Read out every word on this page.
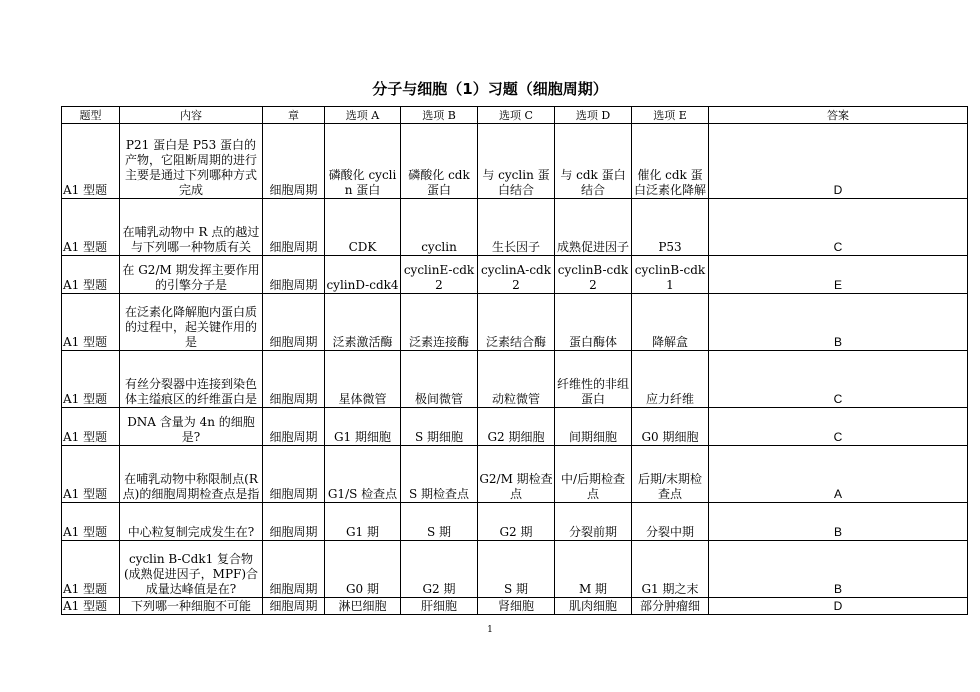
分子与细胞（1）习题（细胞周期）
题型	内容	章	选项 A	选项 B	选项 C	选项 D	选项 E	答案
A1 型题	P21 蛋白是 P53 蛋白的产物，它阻断周期的进行主要是通过下列哪种方式完成	细胞周期	磷酸化 cyclin 蛋白	磷酸化 cdk 蛋白	与 cyclin 蛋白结合	与 cdk 蛋白结合	催化 cdk 蛋白泛素化降解	D
A1 型题	在哺乳动物中 R 点的越过与下列哪一种物质有关	细胞周期	CDK	cyclin	生长因子	成熟促进因子	P53	C
A1 型题	在 G2/M 期发挥主要作用的引擎分子是	细胞周期	cylinD-cdk4	cyclinE-cdk2	cyclinA-cdk2	cyclinB-cdk2	cyclinB-cdk1	E
A1 型题	在泛素化降解胞内蛋白质的过程中，起关键作用的是	细胞周期	泛素激活酶	泛素连接酶	泛素结合酶	蛋白酶体	降解盒	B
A1 型题	有丝分裂器中连接到染色体主缢痕区的纤维蛋白是	细胞周期	星体微管	极间微管	动粒微管	纤维性的非组蛋白	应力纤维	C
A1 型题	DNA 含量为 4n 的细胞是?	细胞周期	G1 期细胞	S 期细胞	G2 期细胞	间期细胞	G0 期细胞	C
A1 型题	在哺乳动物中称限制点(R 点)的细胞周期检查点是指	细胞周期	G1/S 检查点	S 期检查点	G2/M 期检查点	中/后期检查点	后期/末期检查点	A
A1 型题	中心粒复制完成发生在?	细胞周期	G1 期	S 期	G2 期	分裂前期	分裂中期	B
A1 型题	cyclin B-Cdk1 复合物(成熟促进因子，MPF)合成量达峰值是在?	细胞周期	G0 期	G2 期	S 期	M 期	G1 期之末	B
A1 型题	下列哪一种细胞不可能	细胞周期	淋巴细胞	肝细胞	肾细胞	肌肉细胞	部分肿瘤细	D
1
